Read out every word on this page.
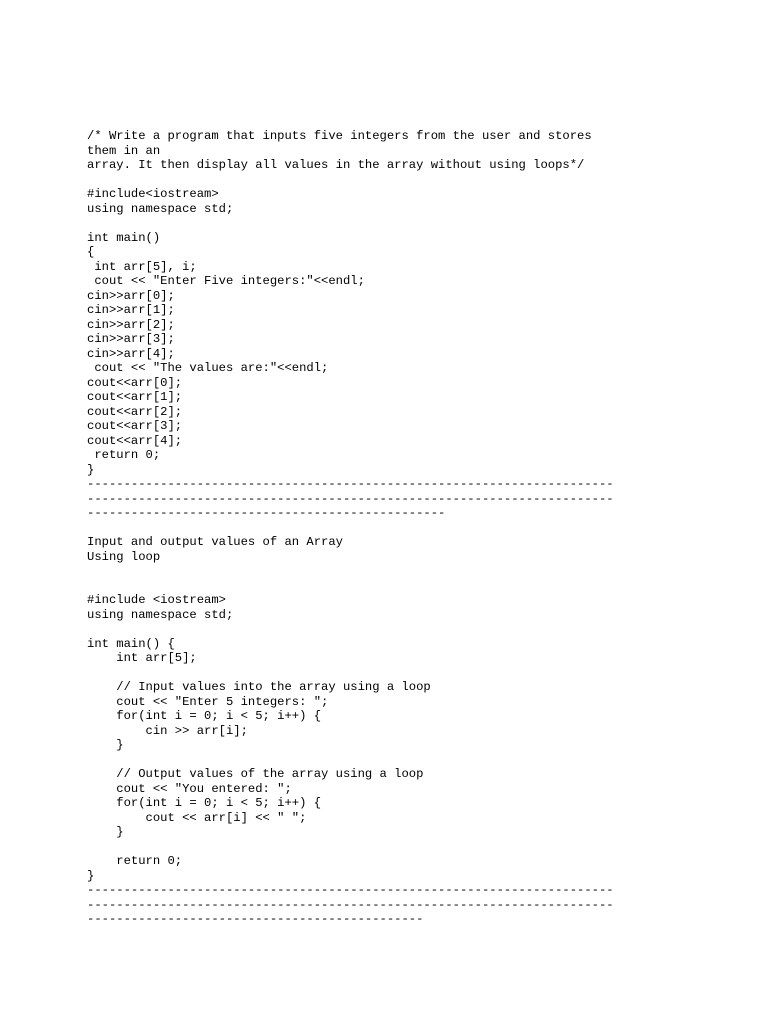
/* Write a program that inputs five integers from the user and stores
them in an
array. It then display all values in the array without using loops*/
#include<iostream>
using namespace std;
int main()
{
int arr[5], i;
cout << "Enter Five integers:"<<endl;
cin>>arr[0];
cin>>arr[1];
cin>>arr[2];
cin>>arr[3];
cin>>arr[4];
cout << "The values are:"<<endl;
cout<<arr[0];
cout<<arr[1];
cout<<arr[2];
cout<<arr[3];
cout<<arr[4];
return 0;
}
------------------------------------------------------------------------
------------------------------------------------------------------------
-------------------------------------------------
Input and output values of an Array
Using loop
#include <iostream>
using namespace std;
int main() {
int arr[5];
// Input values into the array using a loop
cout << "Enter 5 integers: ";
for(int i = 0; i < 5; i++) {
cin >> arr[i];
}
// Output values of the array using a loop
cout << "You entered: ";
for(int i = 0; i < 5; i++) {
cout << arr[i] << " ";
}
return 0;
}
------------------------------------------------------------------------
------------------------------------------------------------------------
----------------------------------------------
